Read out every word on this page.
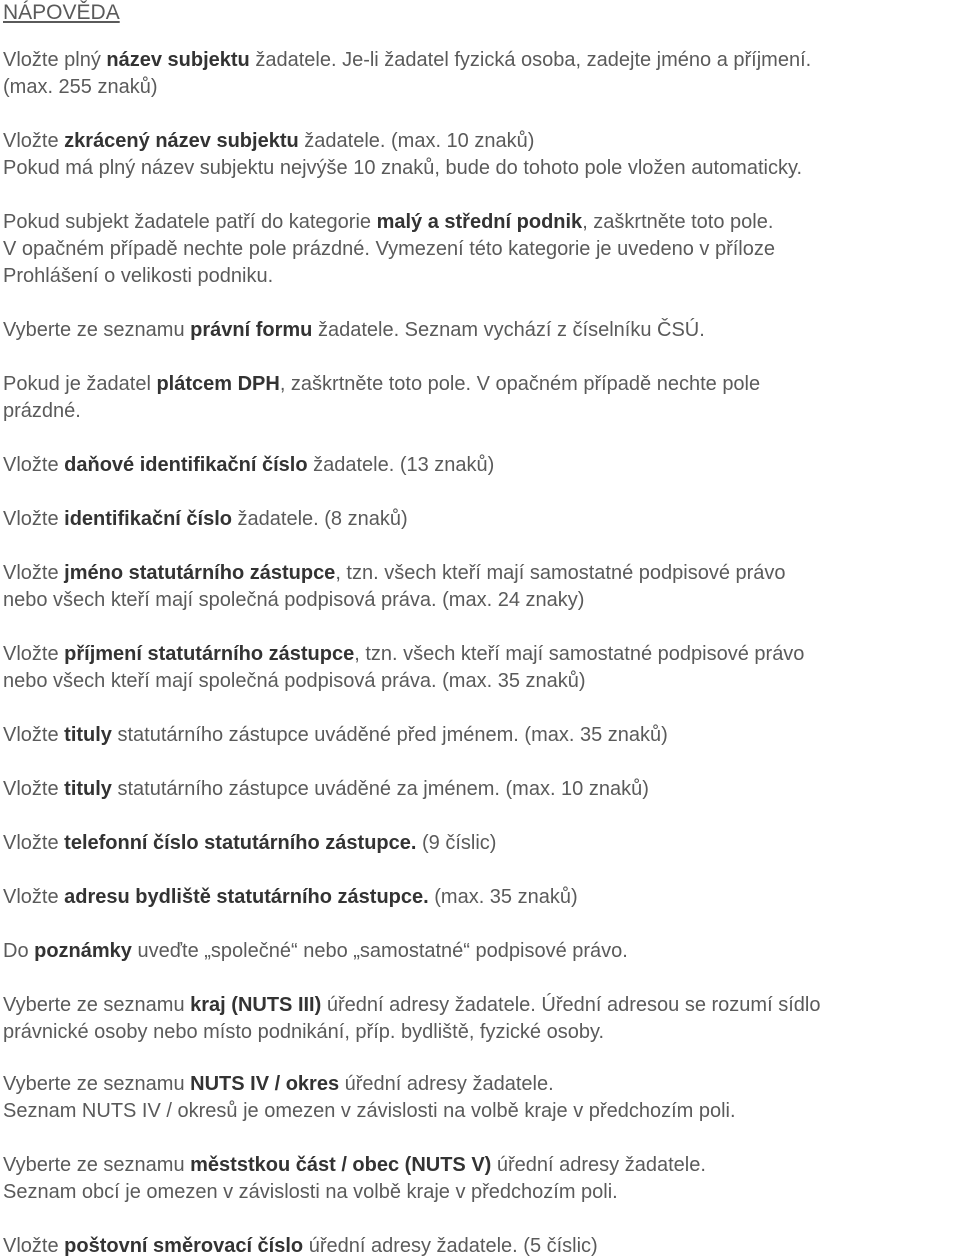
NÁPOVĚDA

Vložte plný název subjektu žadatele. Je-li žadatel fyzická osoba, zadejte jméno a příjmení.
(max. 255 znaků)

Vložte zkrácený název subjektu žadatele. (max. 10 znaků)
Pokud má plný název subjektu nejvýše 10 znaků, bude do tohoto pole vložen automaticky.

Pokud subjekt žadatele patří do kategorie malý a střední podnik, zaškrtněte toto pole.
V opačném případě nechte pole prázdné. Vymezení této kategorie je uvedeno v příloze
Prohlášení o velikosti podniku.

Vyberte ze seznamu právní formu žadatele. Seznam vychází z číselníku ČSÚ.

Pokud je žadatel plátcem DPH, zaškrtněte toto pole. V opačném případě nechte pole
prázdné.

Vložte daňové identifikační číslo žadatele. (13 znaků)

Vložte identifikační číslo žadatele. (8 znaků)

Vložte jméno statutárního zástupce, tzn. všech kteří mají samostatné podpisové právo
nebo všech kteří mají společná podpisová práva. (max. 24 znaky)

Vložte příjmení statutárního zástupce, tzn. všech kteří mají samostatné podpisové právo
nebo všech kteří mají společná podpisová práva. (max. 35 znaků)

Vložte tituly statutárního zástupce uváděné před jménem. (max. 35 znaků)

Vložte tituly statutárního zástupce uváděné za jménem. (max. 10 znaků)

Vložte telefonní číslo statutárního zástupce. (9 číslic)

Vložte adresu bydliště statutárního zástupce. (max. 35 znaků)

Do poznámky uveďte „společné“ nebo „samostatné“ podpisové právo.

Vyberte ze seznamu kraj (NUTS III) úřední adresy žadatele. Úřední adresou se rozumí sídlo
právnické osoby nebo místo podnikání, příp. bydliště, fyzické osoby.

Vyberte ze seznamu NUTS IV / okres úřední adresy žadatele.
Seznam NUTS IV / okresů je omezen v závislosti na volbě kraje v předchozím poli.

Vyberte ze seznamu měststkou část / obec (NUTS V) úřední adresy žadatele.
Seznam obcí je omezen v závislosti na volbě kraje v předchozím poli.

Vložte poštovní směrovací číslo úřední adresy žadatele. (5 číslic)
